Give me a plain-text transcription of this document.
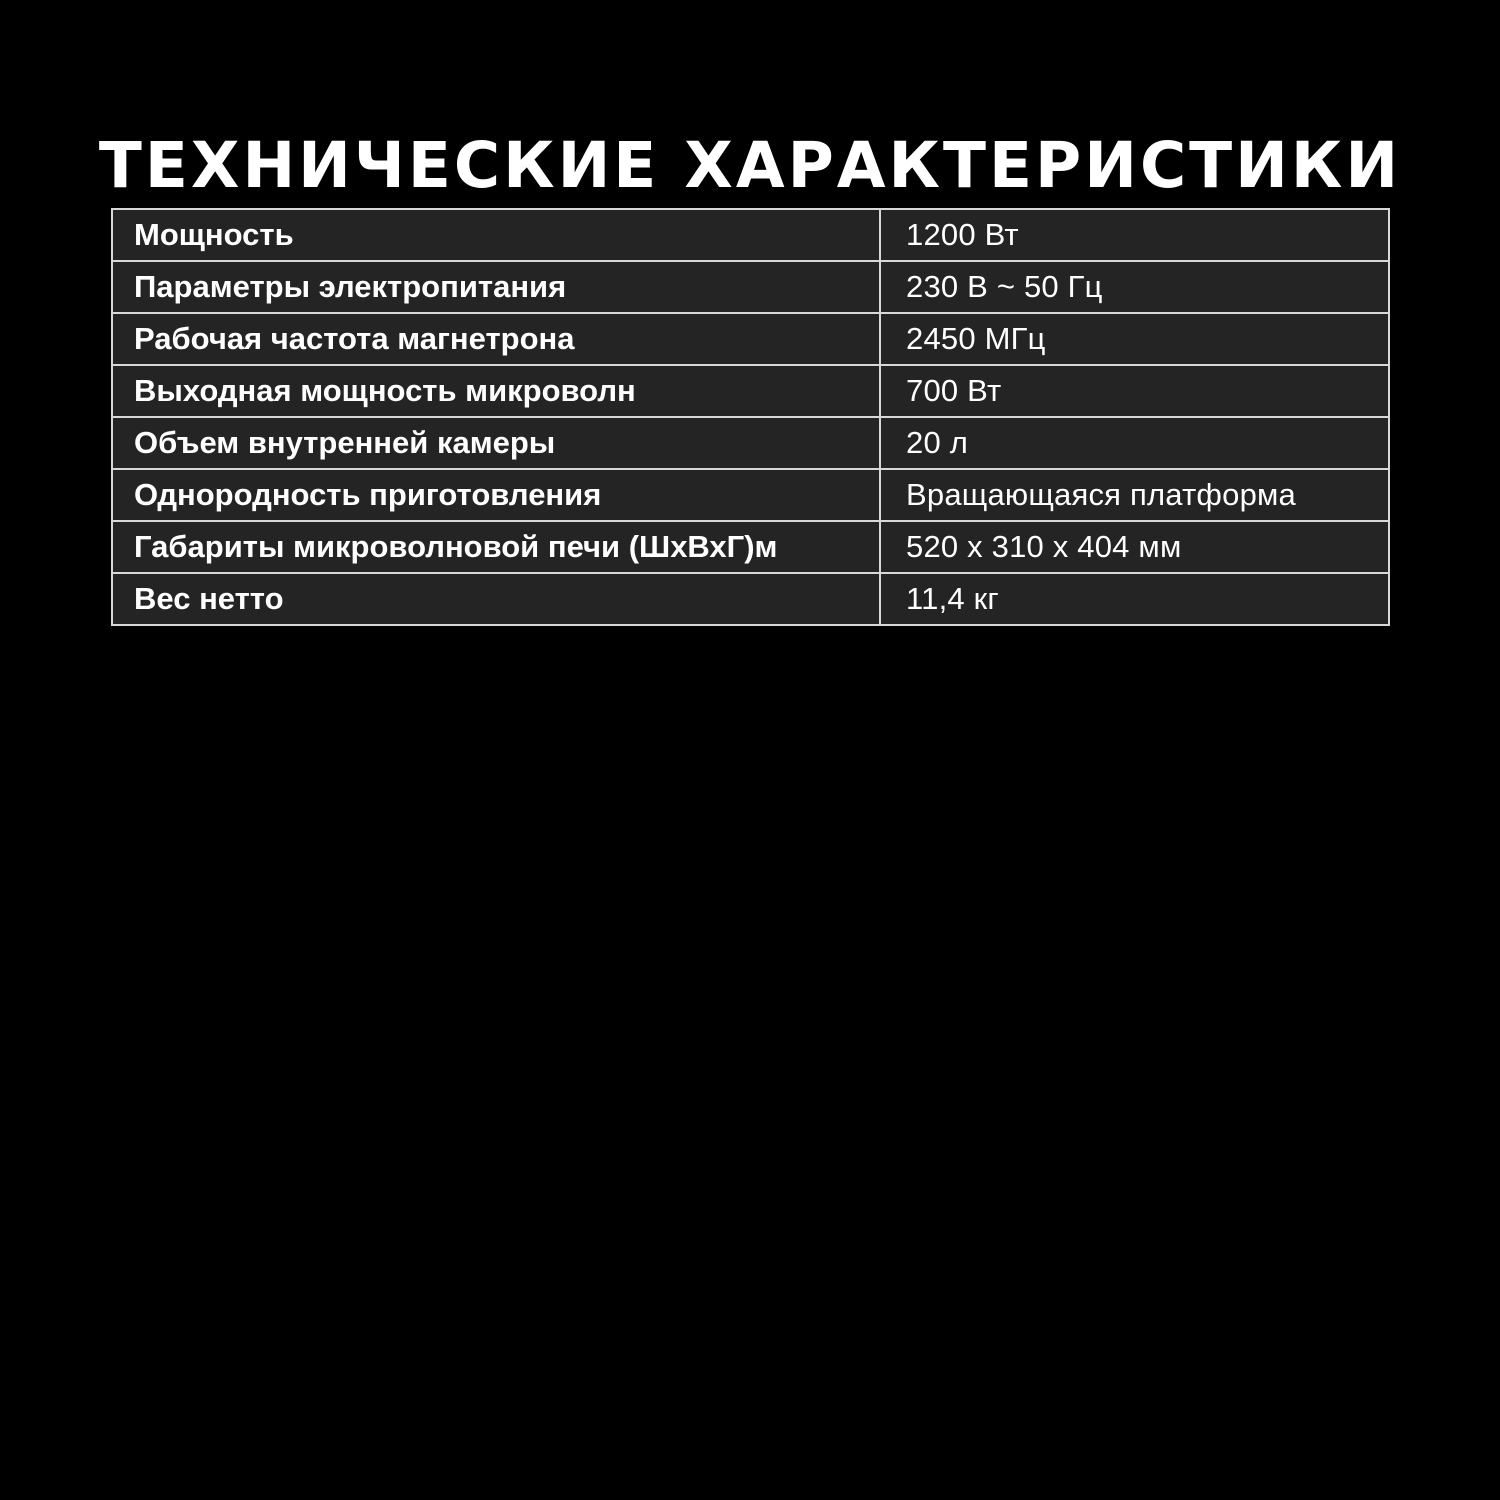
ТЕХНИЧЕСКИЕ ХАРАКТЕРИСТИКИ
Мощность	1200 Вт
Параметры электропитания	230 В ~ 50 Гц
Рабочая частота магнетрона	2450 МГц
Выходная мощность микроволн	700 Вт
Объем внутренней камеры	20 л
Однородность приготовления	Вращающаяся платформа
Габариты микроволновой печи (ШхВхГ)м	520 х 310 х 404 мм
Вес нетто	11,4 кг
